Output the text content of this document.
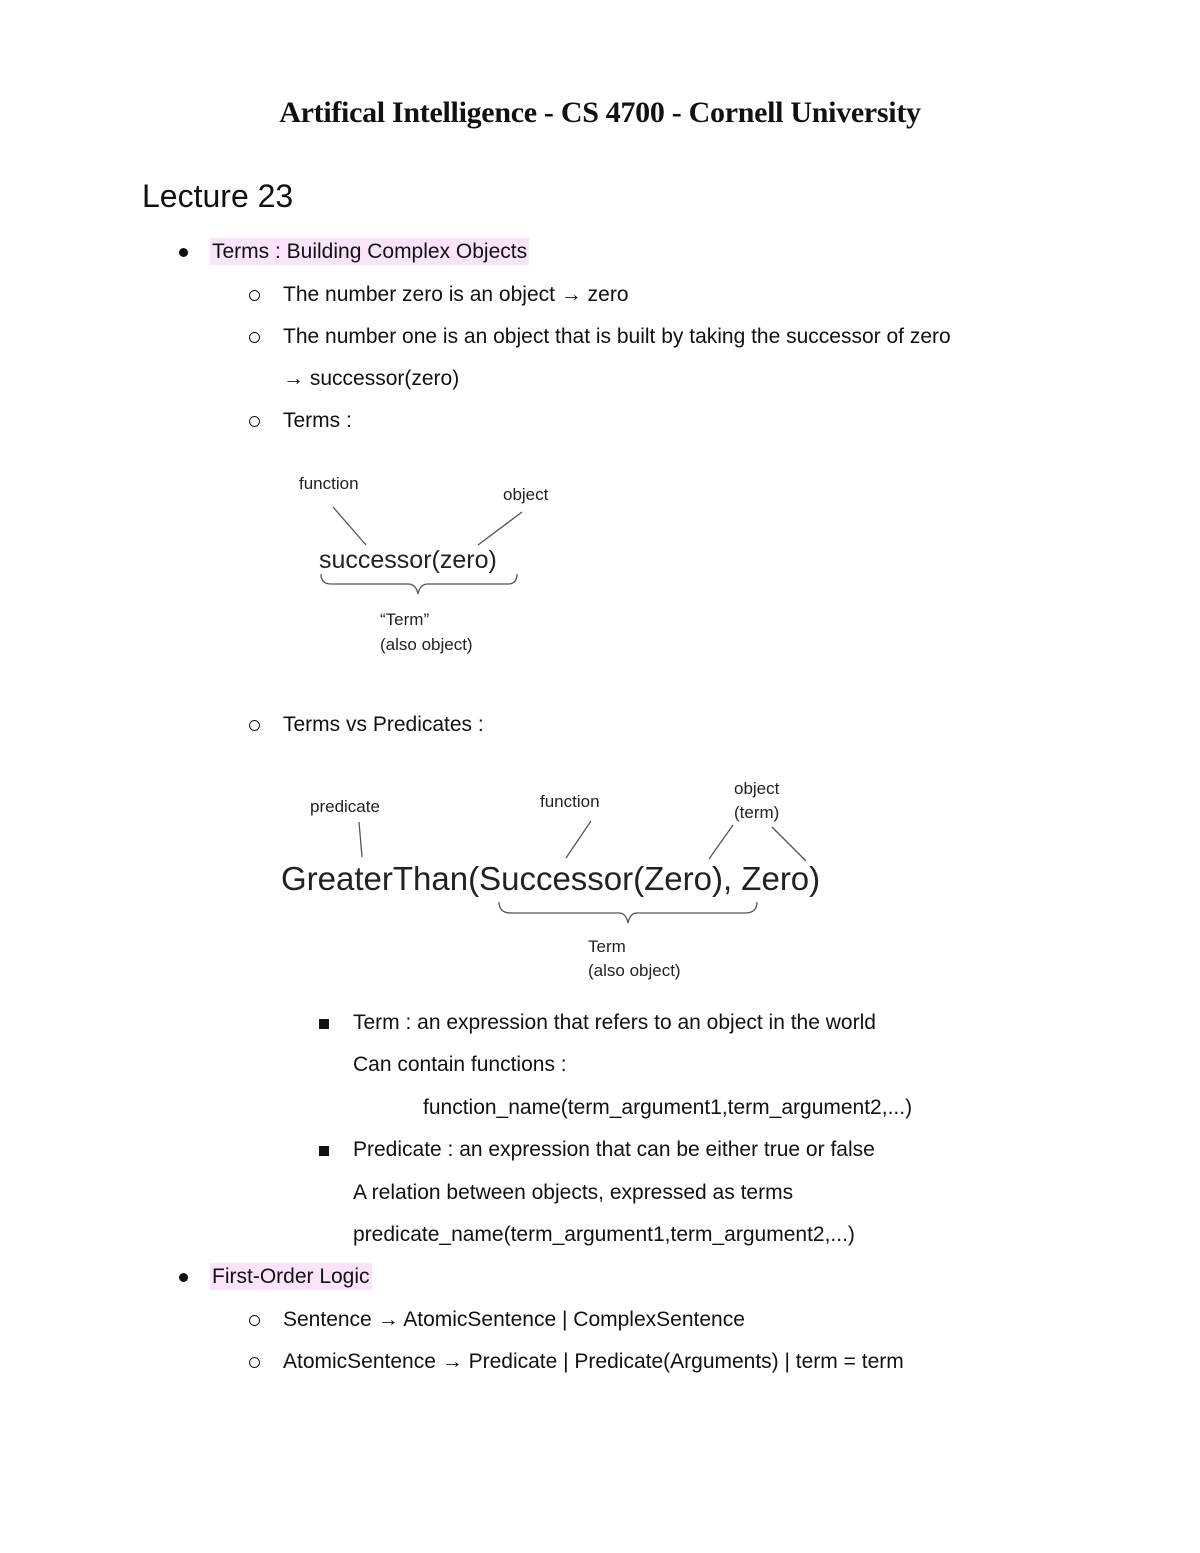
Artifical Intelligence - CS 4700 - Cornell University
Lecture 23
Terms : Building Complex Objects
The number zero is an object → zero
The number one is an object that is built by taking the successor of zero
→ successor(zero)
Terms :
function
object
successor(zero)
“Term”
(also object)
Terms vs Predicates :
predicate	function
object
(term)
GreaterThan(Successor(Zero), Zero)
Term
(also object)
Term : an expression that refers to an object in the world
Can contain functions :
function_name(term_argument1,term_argument2,...)
Predicate : an expression that can be either true or false
A relation between objects, expressed as terms
predicate_name(term_argument1,term_argument2,...)
First-Order Logic
Sentence → AtomicSentence | ComplexSentence
AtomicSentence → Predicate | Predicate(Arguments) | term = term
